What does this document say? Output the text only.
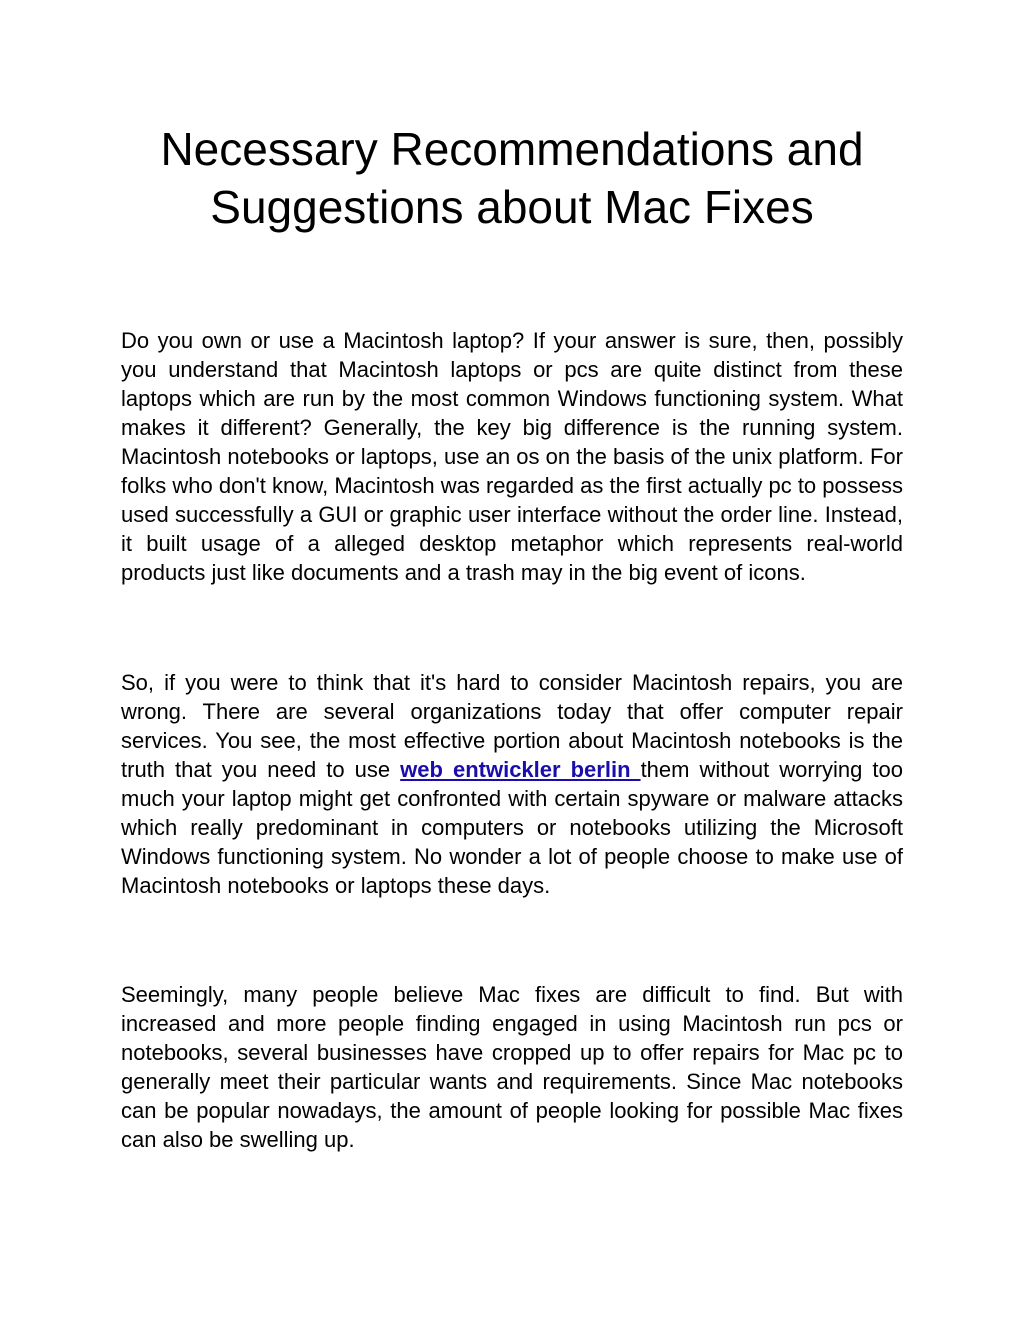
Necessary Recommendations and
Suggestions about Mac Fixes

Do you own or use a Macintosh laptop? If your answer is sure, then, possibly you understand that Macintosh laptops or pcs are quite distinct from these laptops which are run by the most common Windows functioning system. What makes it different? Generally, the key big difference is the running system. Macintosh notebooks or laptops, use an os on the basis of the unix platform. For folks who don't know, Macintosh was regarded as the first actually pc to possess used successfully a GUI or graphic user interface without the order line. Instead, it built usage of a alleged desktop metaphor which represents real-world products just like documents and a trash may in the big event of icons.

So, if you were to think that it's hard to consider Macintosh repairs, you are wrong. There are several organizations today that offer computer repair services. You see, the most effective portion about Macintosh notebooks is the truth that you need to use web entwickler berlin them without worrying too much your laptop might get confronted with certain spyware or malware attacks which really predominant in computers or notebooks utilizing the Microsoft Windows functioning system. No wonder a lot of people choose to make use of Macintosh notebooks or laptops these days.

Seemingly, many people believe Mac fixes are difficult to find. But with increased and more people finding engaged in using Macintosh run pcs or notebooks, several businesses have cropped up to offer repairs for Mac pc to generally meet their particular wants and requirements. Since Mac notebooks can be popular nowadays, the amount of people looking for possible Mac fixes can also be swelling up.
